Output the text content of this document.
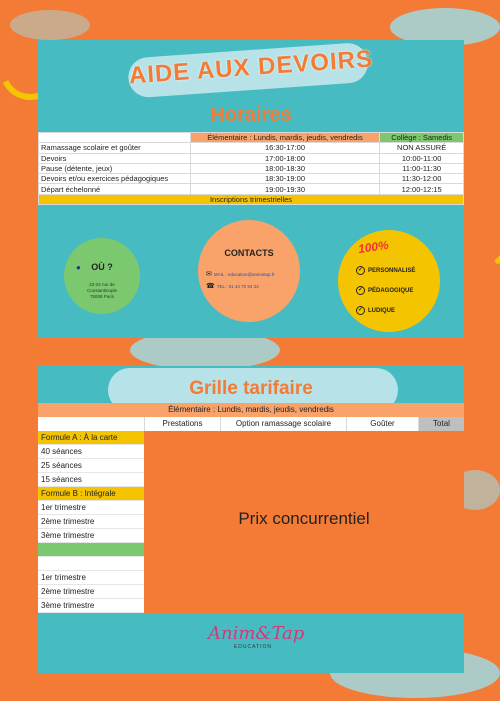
AIDE AUX DEVOIRS
Horaires
	Élémentaire : Lundis, mardis, jeudis, vendredis	Collège : Samedis
Ramassage scolaire et goûter	16:30-17:00	NON ASSURÉ
Devoirs	17:00-18:00	10:00-11:00
Pause (détente, jeux)	18:00-18:30	11:00-11:30
Devoirs et/ou exercices pédagogiques	18:30-19:00	11:30-12:00
Départ échelonné	19:00-19:30	12:00-12:15
Inscriptions trimestrielles		
●	OÙ ?
22-24 rue de
Constantinople
75008 Paris
CONTACTS
✉ MAIL : education@animetap.fr
☎ TEL : 01 44 70 94 33
100%
✓ PERSONNALISÉ
✓ PÉDAGOGIQUE
✓ LUDIQUE
Grille tarifaire
Élémentaire : Lundis, mardis, jeudis, vendredis
Prestations	Option ramassage scolaire	Goûter	Total
Formule A : À la carte
40 séances
25 séances
15 séances
Formule B : Intégrale
1er trimestre
2ème trimestre
3ème trimestre
1er trimestre
2ème trimestre
3ème trimestre
Prix concurrentiel
Anim&Tap
EDUCATION
